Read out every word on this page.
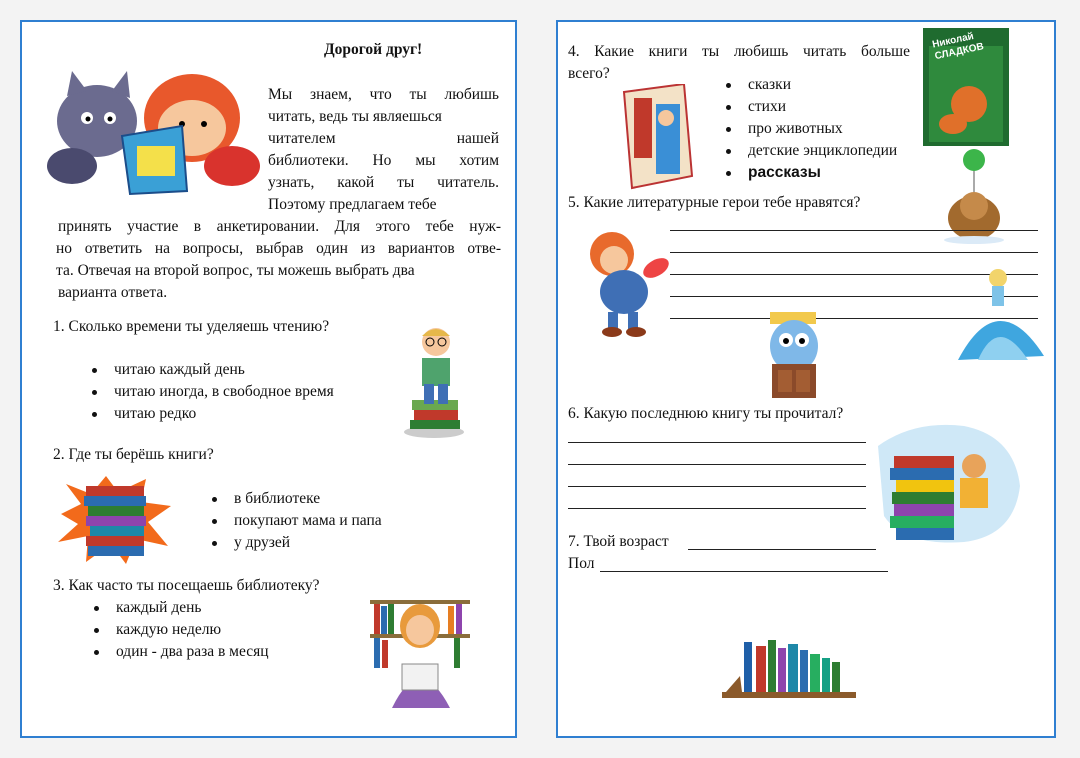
Дорогой друг!
Мы знаем, что ты любишь
читать, ведь ты являешься
читателем нашей
библиотеки. Но мы хотим
узнать, какой ты читатель.
Поэтому предлагаем тебе
принять участие в анкетировании. Для этого тебе нуж-
но ответить на вопросы, выбрав один из вариантов отве-
та. Отвечая на второй вопрос, ты можешь выбрать два
варианта ответа.
1. Сколько времени ты уделяешь чтению?
читаю каждый день
читаю иногда, в свободное время
читаю редко
2. Где ты берёшь книги?
в библиотеке
покупают мама и папа
у друзей
3. Как часто ты посещаешь библиотеку?
каждый день
каждую неделю
один - два раза в месяц
4. Какие книги ты любишь читать больше
всего?
сказки
стихи
про животных
детские энциклопедии
рассказы
Николай СЛАДКОВ
5. Какие литературные герои тебе нравятся?
6. Какую последнюю книгу ты прочитал?
7. Твой возраст
Пол
